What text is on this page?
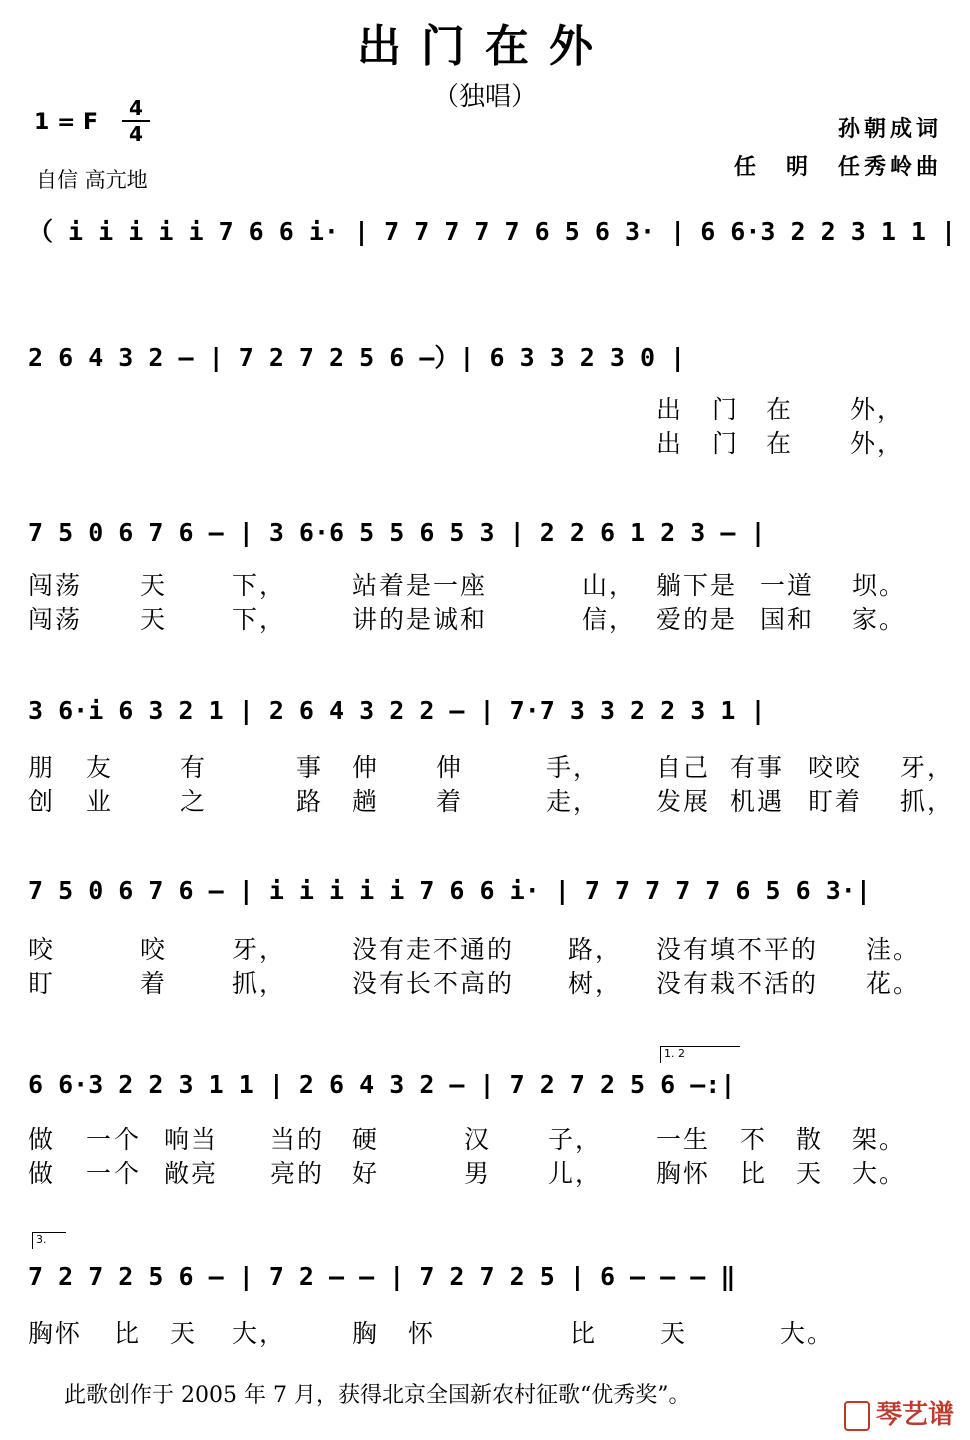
出门在外
（独唱）
1 = F
4
4
自信 高亢地
孙朝成词
任　明　任秀岭曲
（ i i i i i 7 6 6 i· | 7 7 7 7 7 6 5 6 3· | 6 6·3 2 2 3 1 1 |
2 6 4 3 2 – | 7 2 7 2 5 6 –）| 6 3 3 2 3 0 |
出 门 在 外，
出 门 在 外，
7 5 0 6 7 6 – | 3 6·6 5 5 6 5 3 | 2 2 6 1 2 3 – |
闯荡 天	下，	站着是一座	山， 躺下是 一道 坝。
闯荡 天	下，	讲的是诚和	信， 爱的是 国和 家。
3 6·i 6 3 2 1 | 2 6 4 3 2 2 – | 7·7 3 3 2 2 3 1 |
朋 友	有	事 伸 伸	手， 自己 有事 咬咬 牙，
创 业	之	路 趟 着	走， 发展 机遇 盯着 抓，
7 5 0 6 7 6 – | i i i i i 7 6 6 i· | 7 7 7 7 7 6 5 6 3·|
咬	咬	牙，	没有走不通的 路， 没有填不平的 洼。
盯	着	抓，	没有长不高的 树， 没有栽不活的 花。
1. 2
6 6·3 2 2 3 1 1 | 2 6 4 3 2 – | 7 2 7 2 5 6 –:|
做 一 个 响当 当的 硬	汉 子， 一生 不 散 架。
做 一 个 敞亮 亮的 好	男 儿， 胸怀 比 天 大。
3.
7 2 7 2 5 6 – | 7 2 – – | 7 2 7 2 5 | 6 – – – ‖
胸怀 比 天 大，	胸 怀	比	天	大。
此歌创作于 2005 年 7 月，获得北京全国新农村征歌“优秀奖”。
琴艺谱
